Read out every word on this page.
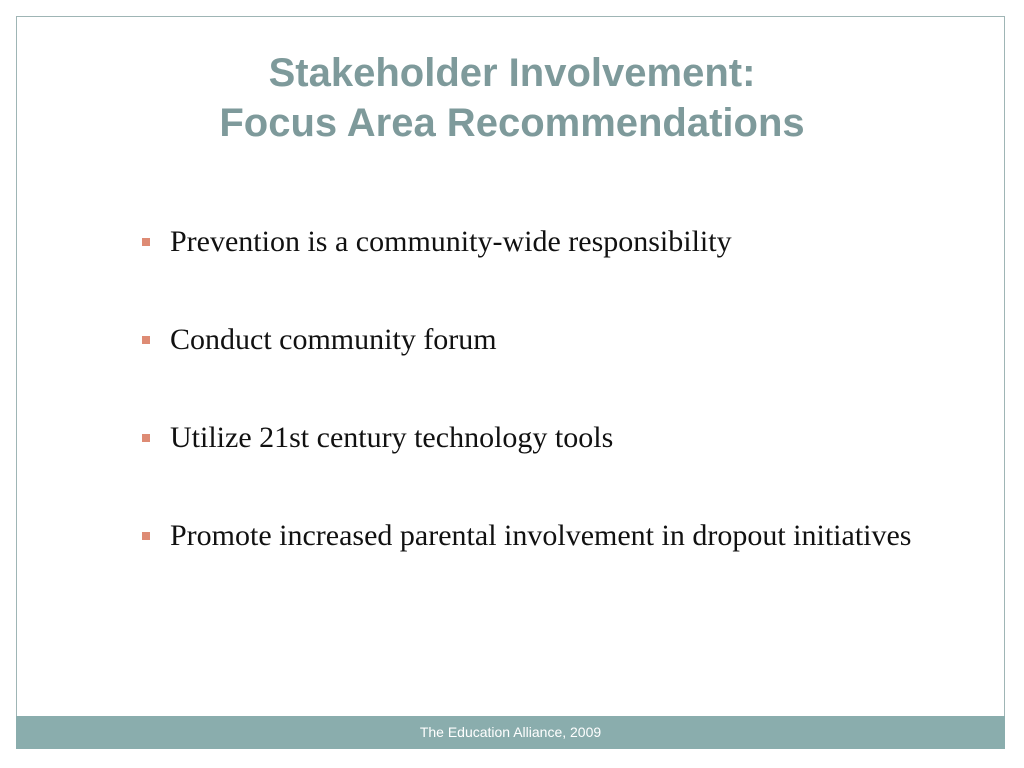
Stakeholder Involvement:
Focus Area Recommendations
Prevention is a community-wide responsibility
Conduct community forum
Utilize 21st century technology tools
Promote increased parental involvement in dropout initiatives
The Education Alliance, 2009
